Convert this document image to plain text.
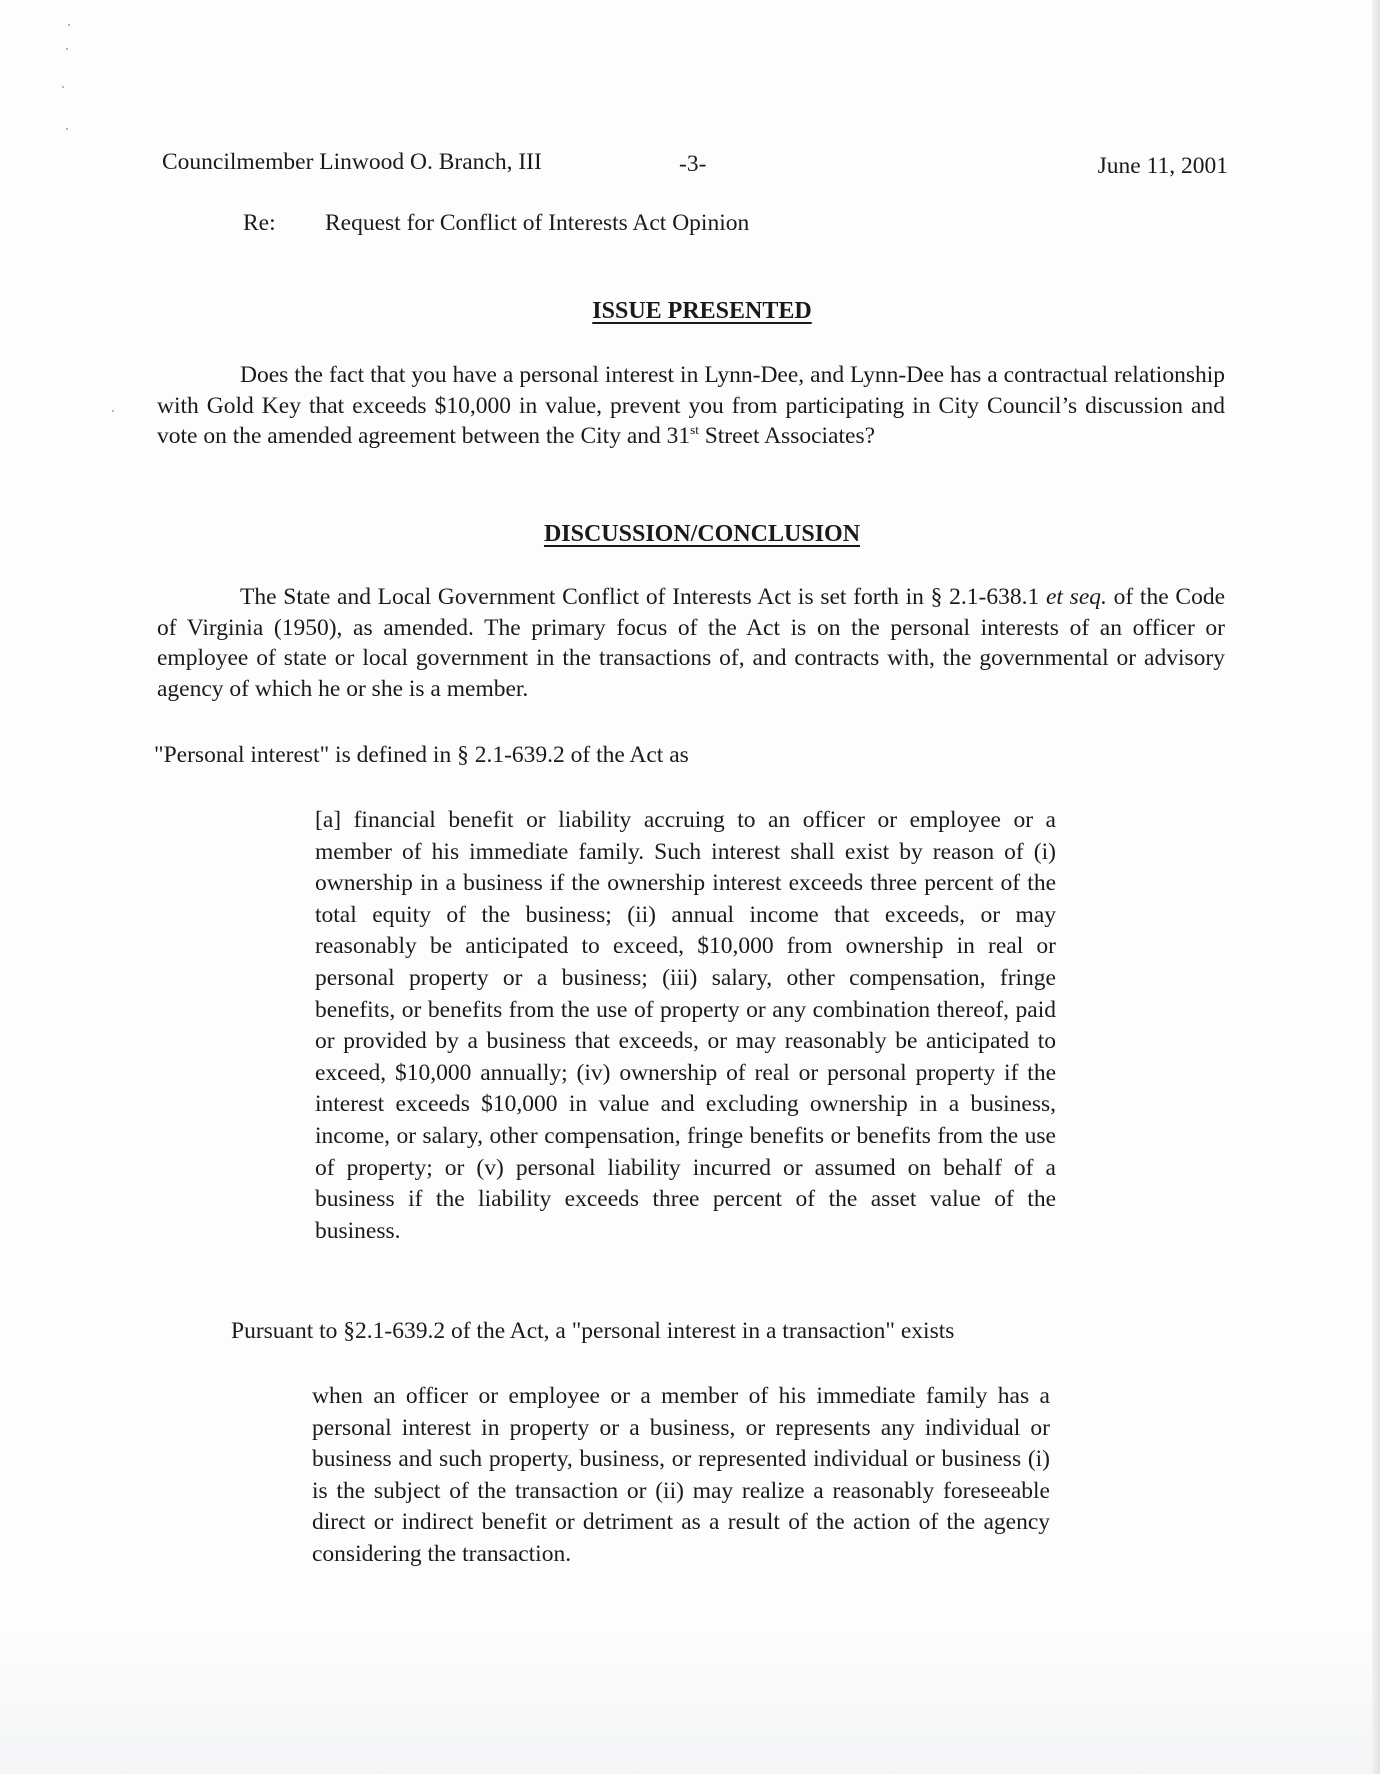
Councilmember Linwood O. Branch, III	-3-	June 11, 2001
Re: Request for Conflict of Interests Act Opinion
ISSUE PRESENTED
Does the fact that you have a personal interest in Lynn-Dee, and Lynn-Dee has a contractual relationship with Gold Key that exceeds $10,000 in value, prevent you from participating in City Council’s discussion and vote on the amended agreement between the City and 31st Street Associates?
DISCUSSION/CONCLUSION
The State and Local Government Conflict of Interests Act is set forth in § 2.1-638.1 et seq. of the Code of Virginia (1950), as amended. The primary focus of the Act is on the personal interests of an officer or employee of state or local government in the transactions of, and contracts with, the governmental or advisory agency of which he or she is a member.
"Personal interest" is defined in § 2.1-639.2 of the Act as
[a] financial benefit or liability accruing to an officer or employee or a member of his immediate family. Such interest shall exist by reason of (i) ownership in a business if the ownership interest exceeds three percent of the total equity of the business; (ii) annual income that exceeds, or may reasonably be anticipated to exceed, $10,000 from ownership in real or personal property or a business; (iii) salary, other compensation, fringe benefits, or benefits from the use of property or any combination thereof, paid or provided by a business that exceeds, or may reasonably be anticipated to exceed, $10,000 annually; (iv) ownership of real or personal property if the interest exceeds $10,000 in value and excluding ownership in a business, income, or salary, other compensation, fringe benefits or benefits from the use of property; or (v) personal liability incurred or assumed on behalf of a business if the liability exceeds three percent of the asset value of the business.
Pursuant to §2.1-639.2 of the Act, a "personal interest in a transaction" exists
when an officer or employee or a member of his immediate family has a personal interest in property or a business, or represents any individual or business and such property, business, or represented individual or business (i) is the subject of the transaction or (ii) may realize a reasonably foreseeable direct or indirect benefit or detriment as a result of the action of the agency considering the transaction.
